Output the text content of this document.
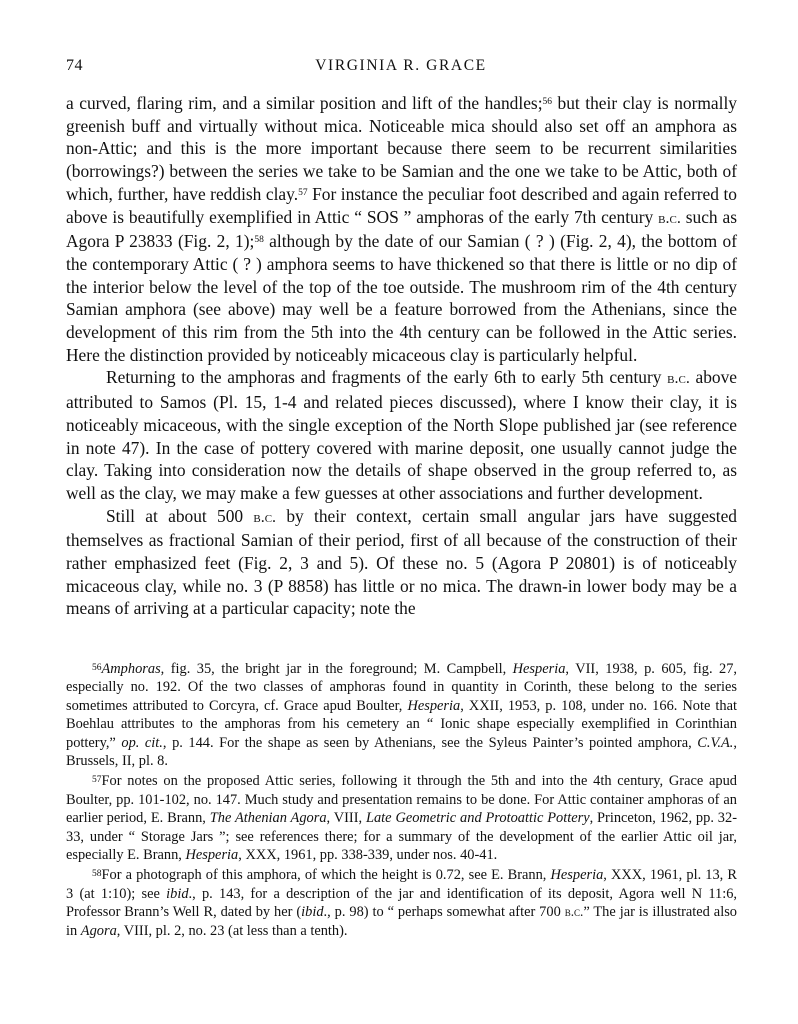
74	VIRGINIA R. GRACE

a curved, flaring rim, and a similar position and lift of the handles;$^{56}$ but their clay is normally greenish buff and virtually without mica. Noticeable mica should also set off an amphora as non-Attic; and this is the more important because there seem to be recurrent similarities (borrowings?) between the series we take to be Samian and the one we take to be Attic, both of which, further, have reddish clay.$^{57}$ For instance the peculiar foot described and again referred to above is beautifully exemplified in Attic “ SOS ” amphoras of the early 7th century b.c. such as Agora P 23833 (Fig. 2, 1);$^{58}$ although by the date of our Samian ( ? ) (Fig. 2, 4), the bottom of the contemporary Attic ( ? ) amphora seems to have thickened so that there is little or no dip of the interior below the level of the top of the toe outside. The mushroom rim of the 4th century Samian amphora (see above) may well be a feature borrowed from the Athenians, since the development of this rim from the 5th into the 4th century can be followed in the Attic series. Here the distinction provided by noticeably micaceous clay is particularly helpful.

Returning to the amphoras and fragments of the early 6th to early 5th century b.c. above attributed to Samos (Pl. 15, 1-4 and related pieces discussed), where I know their clay, it is noticeably micaceous, with the single exception of the North Slope published jar (see reference in note 47). In the case of pottery covered with marine deposit, one usually cannot judge the clay. Taking into consideration now the details of shape observed in the group referred to, as well as the clay, we may make a few guesses at other associations and further development.

Still at about 500 b.c. by their context, certain small angular jars have suggested themselves as fractional Samian of their period, first of all because of the construction of their rather emphasized feet (Fig. 2, 3 and 5). Of these no. 5 (Agora P 20801) is of noticeably micaceous clay, while no. 3 (P 8858) has little or no mica. The drawn-in lower body may be a means of arriving at a particular capacity; note the

$^{56}$Amphoras, fig. 35, the bright jar in the foreground; M. Campbell, Hesperia, VII, 1938, p. 605, fig. 27, especially no. 192. Of the two classes of amphoras found in quantity in Corinth, these belong to the series sometimes attributed to Corcyra, cf. Grace apud Boulter, Hesperia, XXII, 1953, p. 108, under no. 166. Note that Boehlau attributes to the amphoras from his cemetery an “ Ionic shape especially exemplified in Corinthian pottery,” op. cit., p. 144. For the shape as seen by Athenians, see the Syleus Painter’s pointed amphora, C.V.A., Brussels, II, pl. 8.

$^{57}$For notes on the proposed Attic series, following it through the 5th and into the 4th century, Grace apud Boulter, pp. 101-102, no. 147. Much study and presentation remains to be done. For Attic container amphoras of an earlier period, E. Brann, The Athenian Agora, VIII, Late Geometric and Protoattic Pottery, Princeton, 1962, pp. 32-33, under “ Storage Jars ”; see references there; for a summary of the development of the earlier Attic oil jar, especially E. Brann, Hesperia, XXX, 1961, pp. 338-339, under nos. 40-41.

$^{58}$For a photograph of this amphora, of which the height is 0.72, see E. Brann, Hesperia, XXX, 1961, pl. 13, R 3 (at 1:10); see ibid., p. 143, for a description of the jar and identification of its deposit, Agora well N 11:6, Professor Brann’s Well R, dated by her (ibid., p. 98) to “ perhaps somewhat after 700 b.c.” The jar is illustrated also in Agora, VIII, pl. 2, no. 23 (at less than a tenth).
